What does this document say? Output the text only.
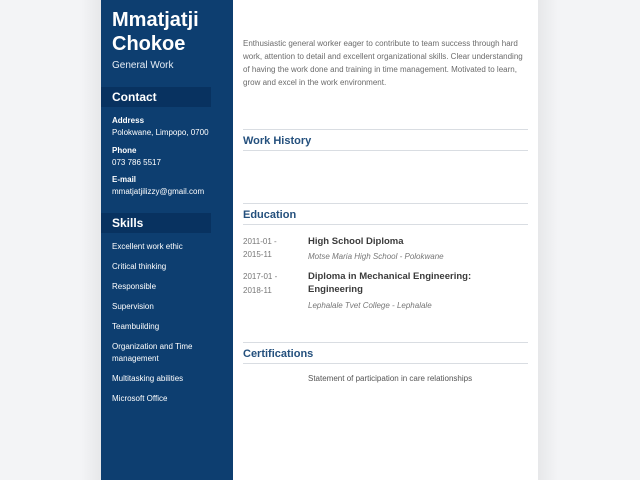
Mmatjatji Chokoe
General Work
Contact
Address
Polokwane, Limpopo, 0700
Phone
073 786 5517
E-mail
mmatjatjilizzy@gmail.com
Skills
Excellent work ethic
Critical thinking
Responsible
Supervision
Teambuilding
Organization and Time management
Multitasking abilities
Microsoft Office
Enthusiastic general worker eager to contribute to team success through hard work, attention to detail and excellent organizational skills. Clear understanding of having the work done and training in time management. Motivated to learn, grow and excel in the work environment.
Work History
Education
2011-01 -
2015-11
High School Diploma
Motse Maria High School - Polokwane
2017-01 -
2018-11
Diploma in Mechanical Engineering: Engineering
Lephalale Tvet College - Lephalale
Certifications
Statement of participation in care relationships
